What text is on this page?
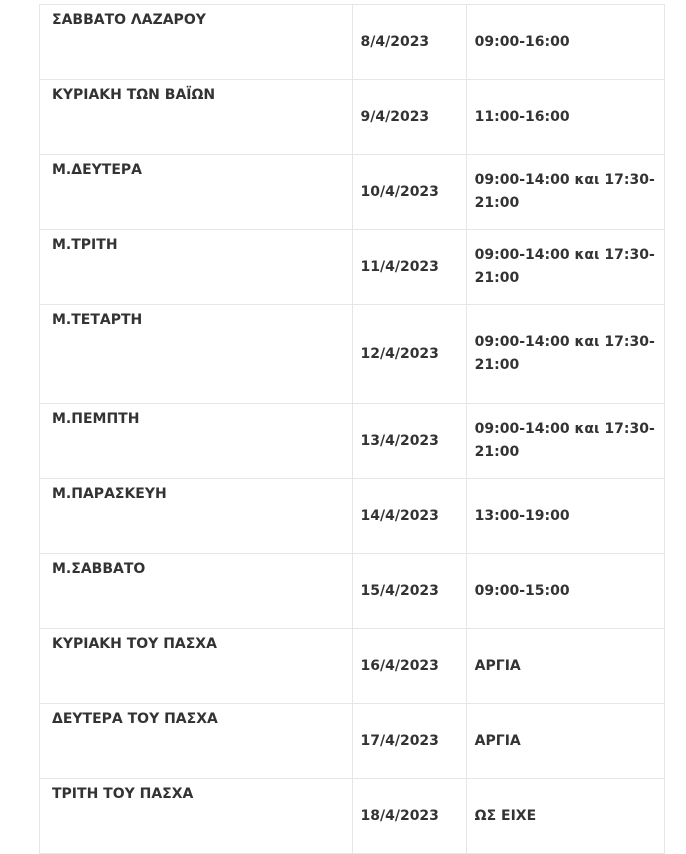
ΣΑΒΒΑΤΟ ΛΑΖΑΡΟΥ	8/4/2023	09:00-16:00
ΚΥΡΙΑΚΗ ΤΩΝ ΒΑΪΩΝ	9/4/2023	11:00-16:00
Μ.ΔΕΥΤΕΡΑ	10/4/2023	09:00-14:00 και 17:30-21:00
Μ.ΤΡΙΤΗ	11/4/2023	09:00-14:00 και 17:30-21:00
Μ.ΤΕΤΑΡΤΗ	12/4/2023	09:00-14:00 και 17:30-21:00
Μ.ΠΕΜΠΤΗ	13/4/2023	09:00-14:00 και 17:30-21:00
Μ.ΠΑΡΑΣΚΕΥΗ	14/4/2023	13:00-19:00
Μ.ΣΑΒΒΑΤΟ	15/4/2023	09:00-15:00
ΚΥΡΙΑΚΗ ΤΟΥ ΠΑΣΧΑ	16/4/2023	ΑΡΓΙΑ
ΔΕΥΤΕΡΑ ΤΟΥ ΠΑΣΧΑ	17/4/2023	ΑΡΓΙΑ
ΤΡΙΤΗ ΤΟΥ ΠΑΣΧΑ	18/4/2023	ΩΣ ΕΙΧΕ
